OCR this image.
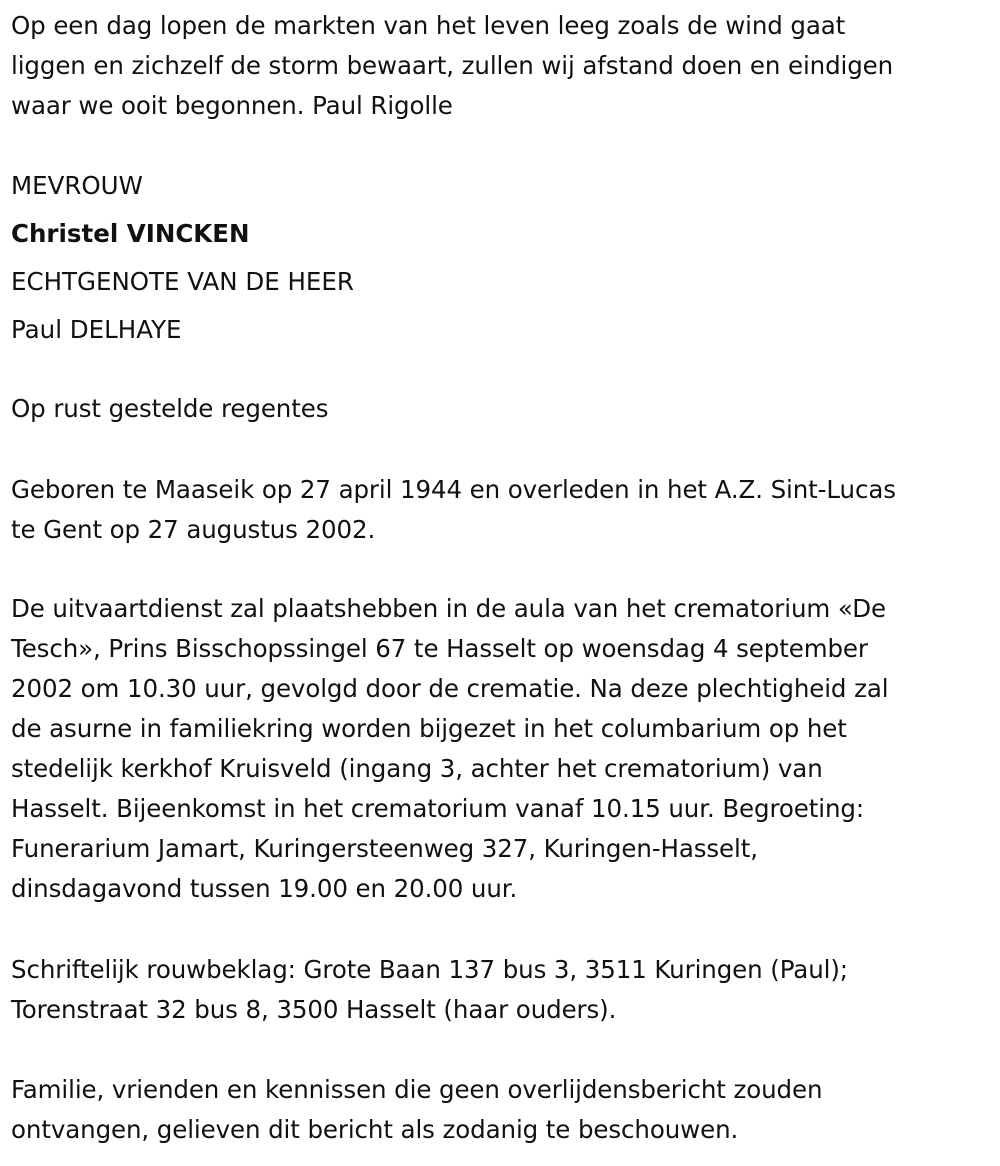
Op een dag lopen de markten van het leven leeg zoals de wind gaat
liggen en zichzelf de storm bewaart, zullen wij afstand doen en eindigen
waar we ooit begonnen. Paul Rigolle

MEVROUW
Christel VINCKEN
ECHTGENOTE VAN DE HEER
Paul DELHAYE

Op rust gestelde regentes

Geboren te Maaseik op 27 april 1944 en overleden in het A.Z. Sint-Lucas
te Gent op 27 augustus 2002.

De uitvaartdienst zal plaatshebben in de aula van het crematorium «De
Tesch», Prins Bisschopssingel 67 te Hasselt op woensdag 4 september
2002 om 10.30 uur, gevolgd door de crematie. Na deze plechtigheid zal
de asurne in familiekring worden bijgezet in het columbarium op het
stedelijk kerkhof Kruisveld (ingang 3, achter het crematorium) van
Hasselt. Bijeenkomst in het crematorium vanaf 10.15 uur. Begroeting:
Funerarium Jamart, Kuringersteenweg 327, Kuringen-Hasselt,
dinsdagavond tussen 19.00 en 20.00 uur.

Schriftelijk rouwbeklag: Grote Baan 137 bus 3, 3511 Kuringen (Paul);
Torenstraat 32 bus 8, 3500 Hasselt (haar ouders).

Familie, vrienden en kennissen die geen overlijdensbericht zouden
ontvangen, gelieven dit bericht als zodanig te beschouwen.
